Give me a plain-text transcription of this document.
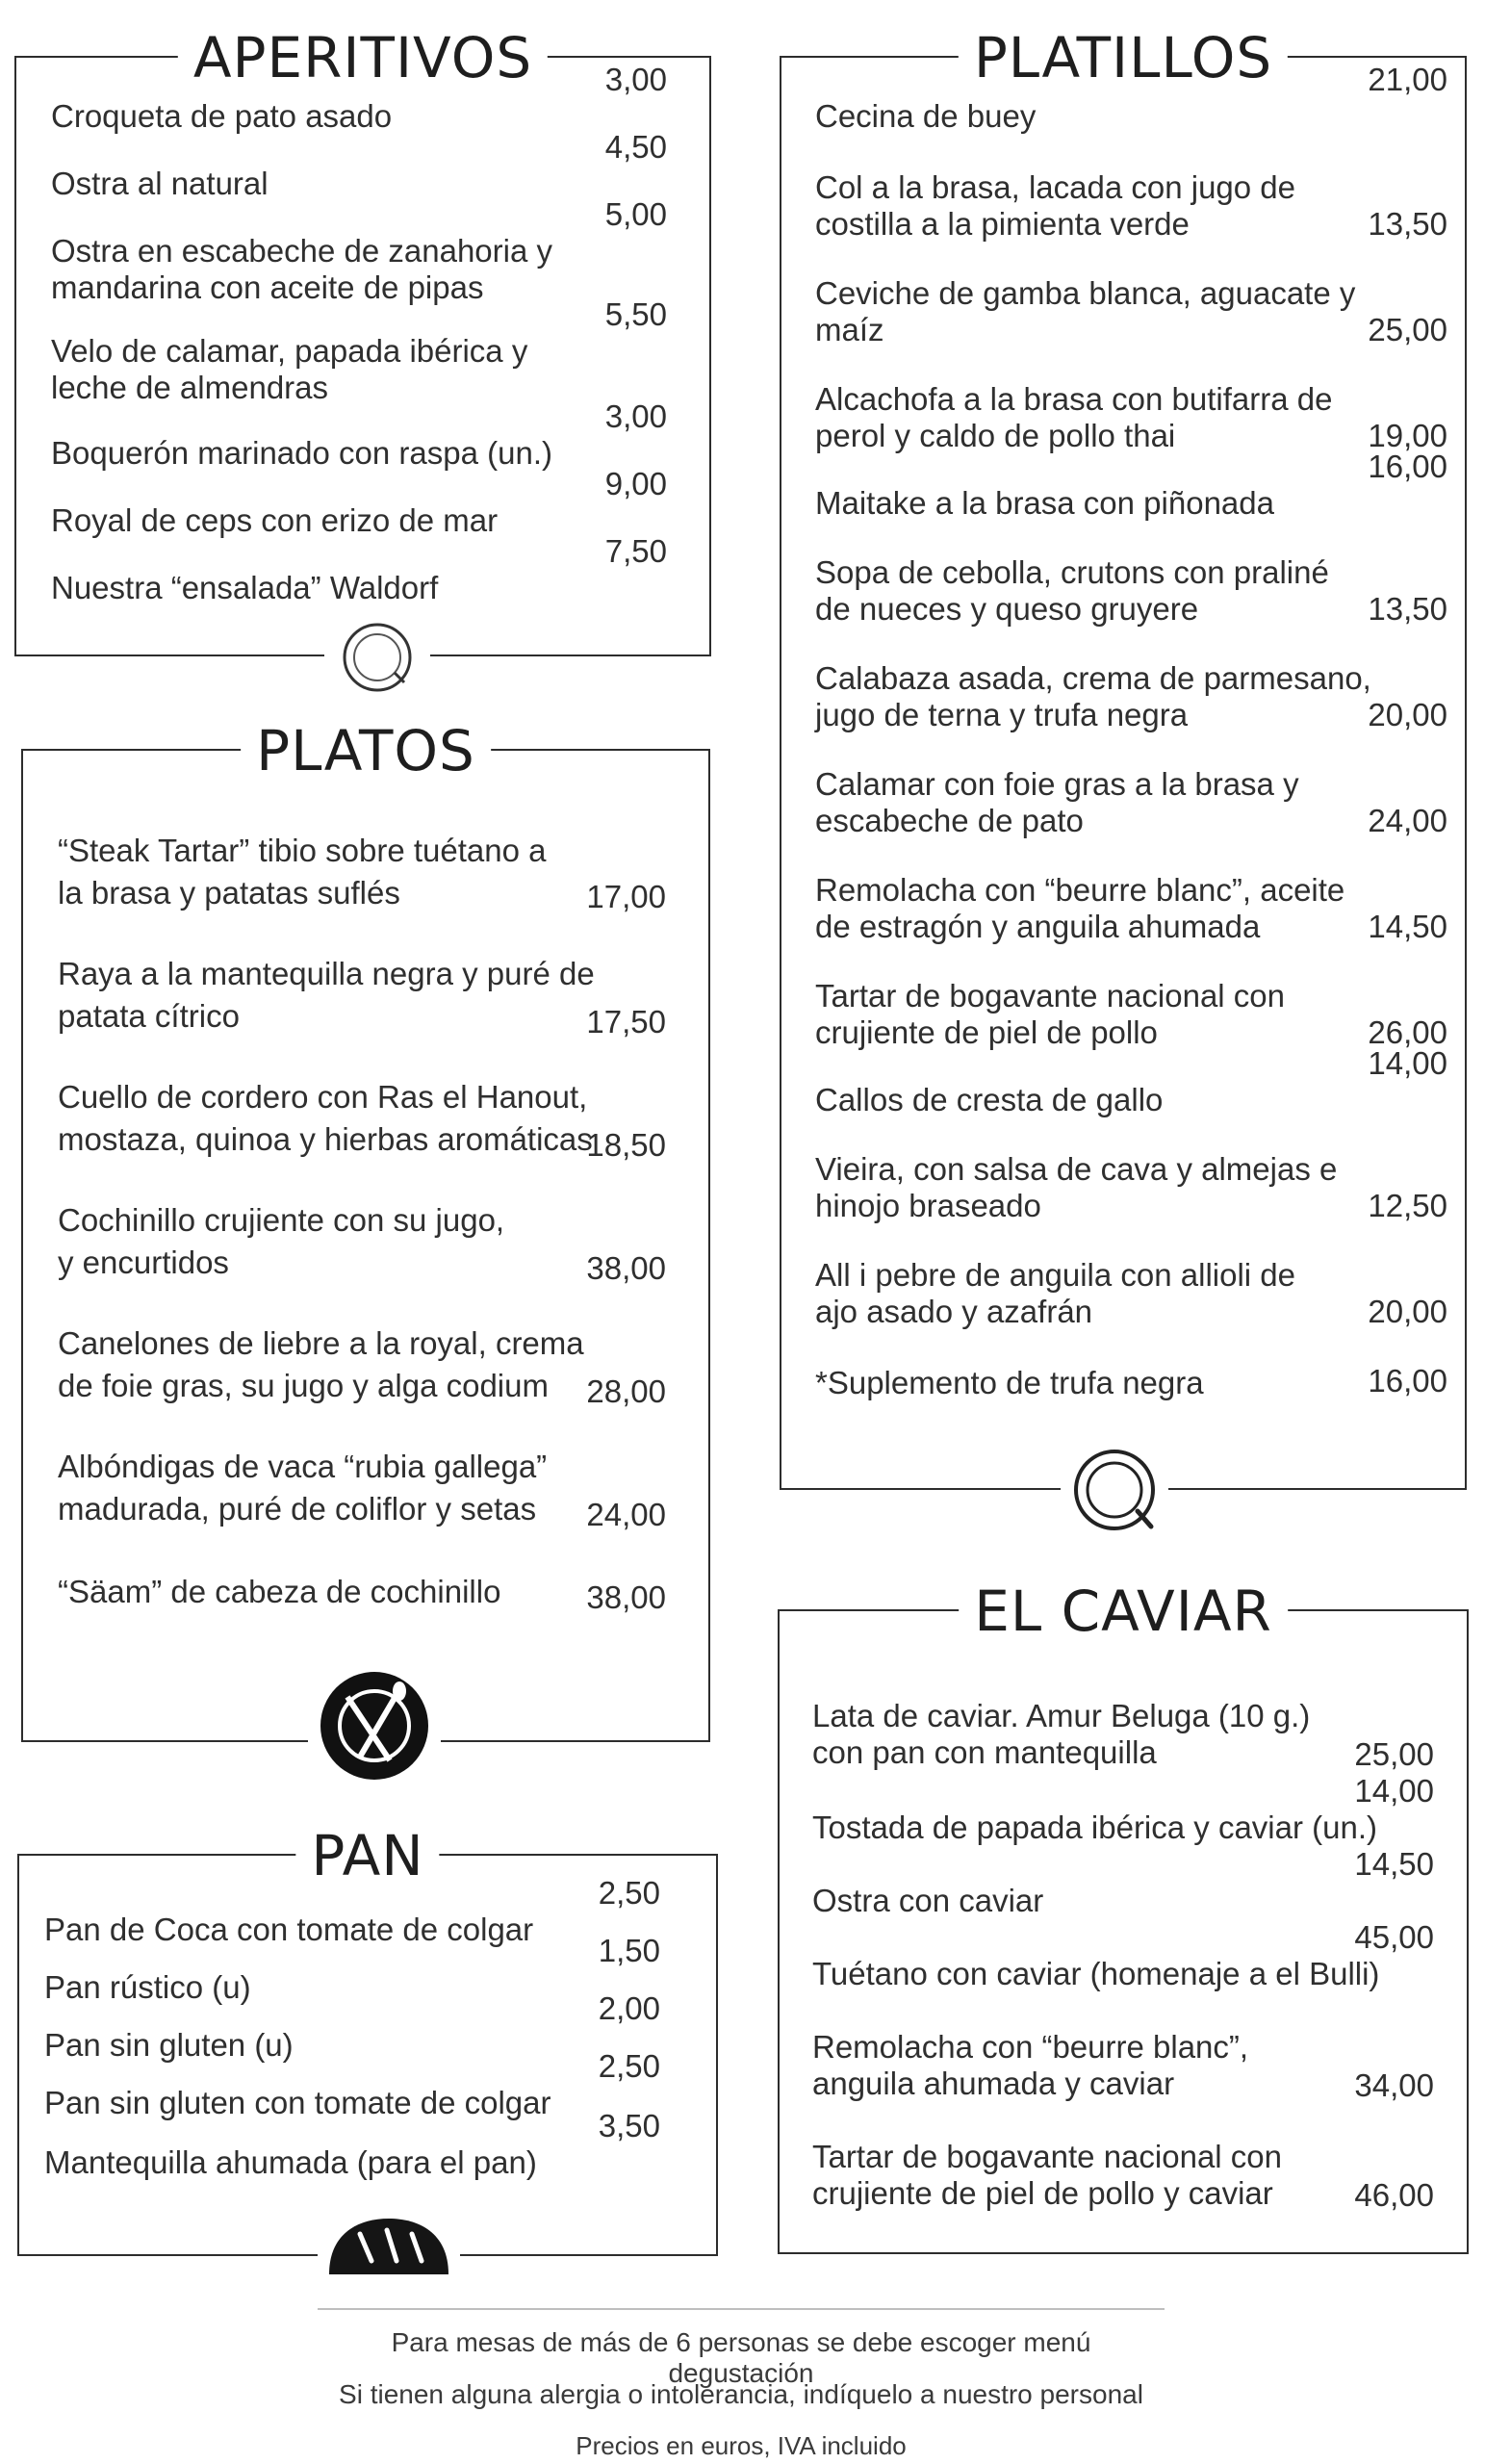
APERITIVOS
Croqueta de pato asado
3,00
Ostra al natural
4,50
Ostra en escabeche de zanahoria y
mandarina con aceite de pipas
5,00
Velo de calamar, papada ibérica y
leche de almendras
5,50
Boquerón marinado con raspa (un.)
3,00
Royal de ceps con erizo de mar
9,00
Nuestra “ensalada” Waldorf
7,50
PLATOS
“Steak Tartar” tibio sobre tuétano a
la brasa y patatas suflés	17,00
Raya a la mantequilla negra y puré de
patata cítrico	17,50
Cuello de cordero con Ras el Hanout,
mostaza, quinoa y hierbas aromáticas
18,50
Cochinillo crujiente con su jugo,
y encurtidos	38,00
Canelones de liebre a la royal, crema
de foie gras, su jugo y alga codium	28,00
Albóndigas de vaca “rubia gallega”
madurada, puré de coliflor y setas	24,00
“Säam” de cabeza de cochinillo	38,00
PAN
Pan de Coca con tomate de colgar
2,50
Pan rústico (u)
1,50
Pan sin gluten (u)
2,00
Pan sin gluten con tomate de colgar
2,50
Mantequilla ahumada (para el pan)
3,50
PLATILLOS
Cecina de buey
21,00
Col a la brasa, lacada con jugo de
costilla a la pimienta verde	13,50
Ceviche de gamba blanca, aguacate y
maíz	25,00
Alcachofa a la brasa con butifarra de
perol y caldo de pollo thai	19,00
Maitake a la brasa con piñonada
16,00
Sopa de cebolla, crutons con praliné
de nueces y queso gruyere	13,50
Calabaza asada, crema de parmesano,
jugo de terna y trufa negra	20,00
Calamar con foie gras a la brasa y
escabeche de pato	24,00
Remolacha con “beurre blanc”, aceite
de estragón y anguila ahumada	14,50
Tartar de bogavante nacional con
crujiente de piel de pollo	26,00
Callos de cresta de gallo
14,00
Vieira, con salsa de cava y almejas e
hinojo braseado	12,50
All i pebre de anguila con allioli de
ajo asado y azafrán	20,00
*Suplemento de trufa negra	16,00
EL CAVIAR
Lata de caviar. Amur Beluga (10 g.)
con pan con mantequilla	25,00
Tostada de papada ibérica y caviar (un.)
14,00
Ostra con caviar
14,50
Tuétano con caviar (homenaje a el Bulli)
45,00
Remolacha con “beurre blanc”,
anguila ahumada y caviar	34,00
Tartar de bogavante nacional con
crujiente de piel de pollo y caviar	46,00
Para mesas de más de 6 personas se debe escoger menú degustación
Si tienen alguna alergia o intolerancia, indíquelo a nuestro personal
Precios en euros, IVA incluido
